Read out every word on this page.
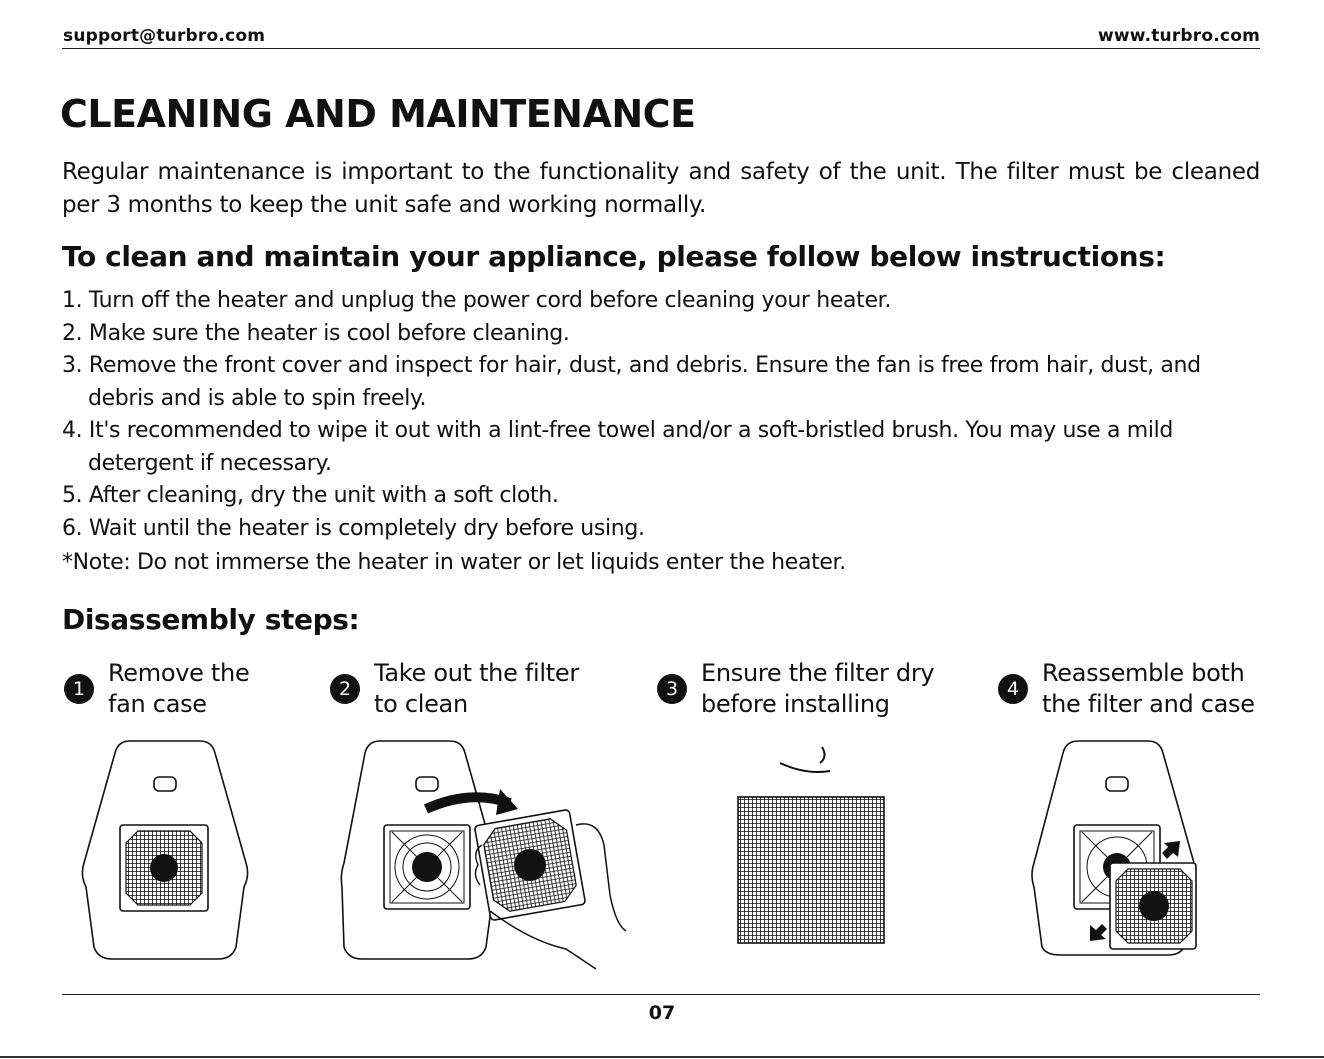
support@turbro.com	www.turbro.com
CLEANING AND MAINTENANCE

Regular maintenance is important to the functionality and safety of the unit. The filter must be cleaned per 3 months to keep the unit safe and working normally.

To clean and maintain your appliance, please follow below instructions:
1. Turn off the heater and unplug the power cord before cleaning your heater.
2. Make sure the heater is cool before cleaning.
3. Remove the front cover and inspect for hair, dust, and debris. Ensure the fan is free from hair, dust, and debris and is able to spin freely.
4. It's recommended to wipe it out with a lint-free towel and/or a soft-bristled brush. You may use a mild detergent if necessary.
5. After cleaning, dry the unit with a soft cloth.
6. Wait until the heater is completely dry before using.

*Note: Do not immerse the heater in water or let liquids enter the heater.

Disassembly steps:
1
Remove the
fan case
2
Take out the filter
to clean
3
Ensure the filter dry
before installing
4
Reassemble both
the filter and case
07
